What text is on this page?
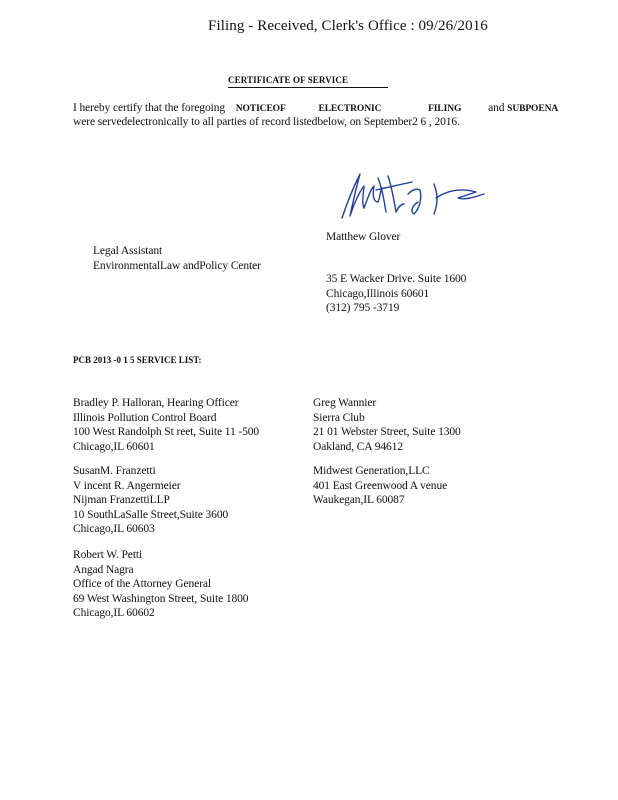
Filing - Received, Clerk's Office : 09/26/2016
CERTIFICATE OF SERVICE
I hereby certify that the foregoing NOTICEOF	ELECTRONIC	FILING and SUBPOENA
were servedelectronically to all parties of record listedbelow, on September2 6 , 2016.
Matthew Glover
Legal Assistant
EnvironmentalLaw andPolicy Center
35 E Wacker Drive. Suite 1600
Chicago,Illinois 60601
(312) 795 -3719
PCB 2013 -0 1 5 SERVICE LIST:
Bradley P. Halloran, Hearing Officer
Illinois Pollution Control Board
100 West Randolph St reet, Suite 11 -500
Chicago,IL 60601
SusanM. Franzetti
V incent R. Angermeier
Nijman FranzettiLLP
10 SouthLaSalle Street,Suite 3600
Chicago,IL 60603
Robert W. Petti
Angad Nagra
Office of the Attorney General
69 West Washington Street, Suite 1800
Chicago,IL 60602
Greg Wannier
Sierra Club
21 01 Webster Street, Suite 1300
Oakland, CA 94612
Midwest Generation,LLC
401 East Greenwood A venue
Waukegan,IL 60087
